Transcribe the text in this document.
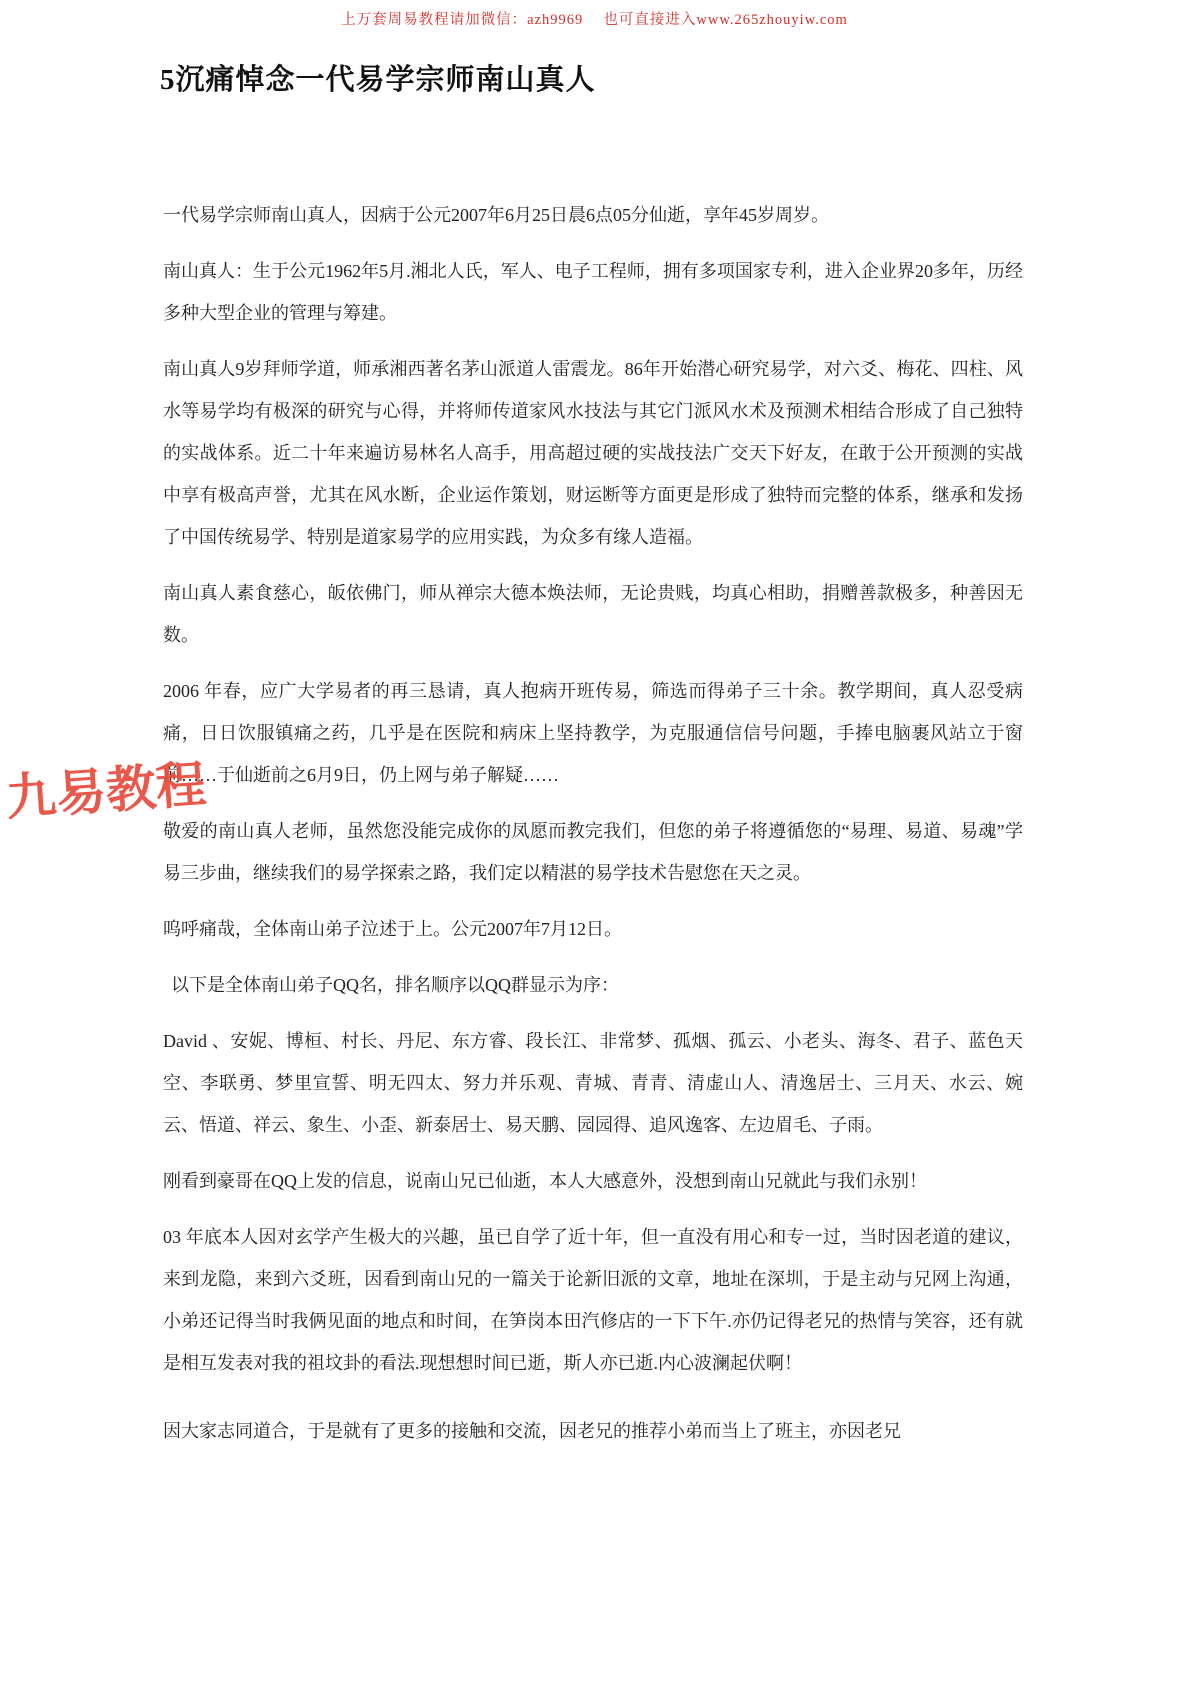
上万套周易教程请加微信：azh9969　 也可直接进入www.265zhouyiw.com
5沉痛悼念一代易学宗师南山真人

一代易学宗师南山真人，因病于公元2007年6月25日晨6点05分仙逝，享年45岁周岁。

南山真人：生于公元1962年5月.湘北人氏，军人、电子工程师，拥有多项国家专利，进入企业界20多年，历经多种大型企业的管理与筹建。

南山真人9岁拜师学道，师承湘西著名茅山派道人雷震龙。86年开始潜心研究易学，对六爻、梅花、四柱、风水等易学均有极深的研究与心得，并将师传道家风水技法与其它门派风水术及预测术相结合形成了自己独特的实战体系。近二十年来遍访易林名人高手，用高超过硬的实战技法广交天下好友，在敢于公开预测的实战中享有极高声誉，尤其在风水断，企业运作策划，财运断等方面更是形成了独特而完整的体系，继承和发扬了中国传统易学、特别是道家易学的应用实践，为众多有缘人造福。

南山真人素食慈心，皈依佛门，师从禅宗大德本焕法师，无论贵贱，均真心相助，捐赠善款极多，种善因无数。

2006 年春，应广大学易者的再三恳请，真人抱病开班传易，筛选而得弟子三十余。教学期间，真人忍受病痛，日日饮服镇痛之药，几乎是在医院和病床上坚持教学，为克服通信信号问题，手捧电脑裹风站立于窗前……于仙逝前之6月9日，仍上网与弟子解疑……

敬爱的南山真人老师，虽然您没能完成你的凤愿而教完我们，但您的弟子将遵循您的“易理、易道、易魂”学易三步曲，继续我们的易学探索之路，我们定以精湛的易学技术告慰您在天之灵。

呜呼痛哉，全体南山弟子泣述于上。公元2007年7月12日。

以下是全体南山弟子QQ名，排名顺序以QQ群显示为序：

David 、安妮、博桓、村长、丹尼、东方睿、段长江、非常梦、孤烟、孤云、小老头、海冬、君子、蓝色天空、李联勇、梦里宣誓、明无四太、努力并乐观、青城、青青、清虚山人、清逸居士、三月天、水云、婉云、悟道、祥云、象生、小歪、新泰居士、易天鹏、园园得、追风逸客、左边眉毛、子雨。

刚看到豪哥在QQ上发的信息，说南山兄已仙逝，本人大感意外，没想到南山兄就此与我们永别！

03 年底本人因对玄学产生极大的兴趣，虽已自学了近十年，但一直没有用心和专一过，当时因老道的建议，来到龙隐，来到六爻班，因看到南山兄的一篇关于论新旧派的文章，地址在深圳，于是主动与兄网上沟通，小弟还记得当时我俩见面的地点和时间，在笋岗本田汽修店的一下下午.亦仍记得老兄的热情与笑容，还有就是相互发表对我的祖坟卦的看法.现想想时间已逝，斯人亦已逝.内心波澜起伏啊！

因大家志同道合，于是就有了更多的接触和交流，因老兄的推荐小弟而当上了班主，亦因老兄

九易教程
